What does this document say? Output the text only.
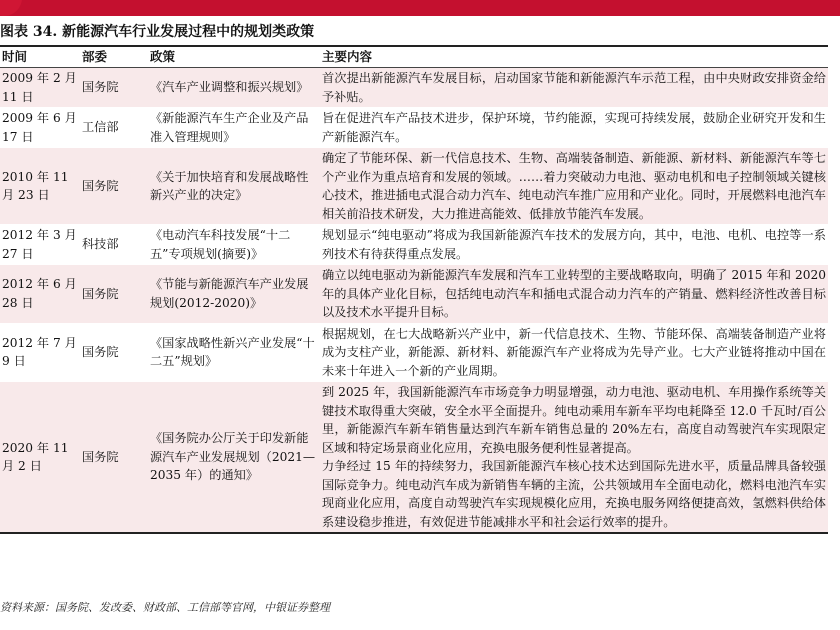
图表 34. 新能源汽车行业发展过程中的规划类政策
时间	部委	政策	主要内容
2009 年 2 月 11 日	国务院	《汽车产业调整和振兴规划》	首次提出新能源汽车发展目标，启动国家节能和新能源汽车示范工程，由中央财政安排资金给予补贴。

2009 年 6 月 17 日	工信部	《新能源汽车生产企业及产品准入管理规则》	旨在促进汽车产品技术进步，保护环境，节约能源，实现可持续发展，鼓励企业研究开发和生产新能源汽车。

2010 年 11 月 23 日	国务院	《关于加快培育和发展战略性新兴产业的决定》	确定了节能环保、新一代信息技术、生物、高端装备制造、新能源、新材料、新能源汽车等七个产业作为重点培育和发展的领域。……着力突破动力电池、驱动电机和电子控制领域关键核心技术，推进插电式混合动力汽车、纯电动汽车推广应用和产业化。同时，开展燃料电池汽车相关前沿技术研发，大力推进高能效、低排放节能汽车发展。

2012 年 3 月 27 日	科技部	《电动汽车科技发展“十二五”专项规划(摘要)》	规划显示“纯电驱动”将成为我国新能源汽车技术的发展方向，其中，电池、电机、电控等一系列技术有待获得重点发展。

2012 年 6 月 28 日	国务院	《节能与新能源汽车产业发展规划(2012-2020)》	确立以纯电驱动为新能源汽车发展和汽车工业转型的主要战略取向，明确了 2015 年和 2020 年的具体产业化目标，包括纯电动汽车和插电式混合动力汽车的产销量、燃料经济性改善目标以及技术水平提升目标。

2012 年 7 月 9 日	国务院	《国家战略性新兴产业发展“十二五”规划》	根据规划，在七大战略新兴产业中，新一代信息技术、生物、节能环保、高端装备制造产业将成为支柱产业，新能源、新材料、新能源汽车产业将成为先导产业。七大产业链将推动中国在未来十年进入一个新的产业周期。

2020 年 11 月 2 日	国务院	《国务院办公厅关于印发新能源汽车产业发展规划（2021—2035 年）的通知》	到 2025 年，我国新能源汽车市场竞争力明显增强，动力电池、驱动电机、车用操作系统等关键技术取得重大突破，安全水平全面提升。纯电动乘用车新车平均电耗降至 12.0 千瓦时/百公里，新能源汽车新车销售量达到汽车新车销售总量的 20%左右，高度自动驾驶汽车实现限定区域和特定场景商业化应用，充换电服务便利性显著提高。
力争经过 15 年的持续努力，我国新能源汽车核心技术达到国际先进水平，质量品牌具备较强国际竞争力。纯电动汽车成为新销售车辆的主流，公共领域用车全面电动化，燃料电池汽车实现商业化应用，高度自动驾驶汽车实现规模化应用，充换电服务网络便捷高效，氢燃料供给体系建设稳步推进，有效促进节能减排水平和社会运行效率的提升。
资料来源：国务院、发改委、财政部、工信部等官网，中银证券整理
